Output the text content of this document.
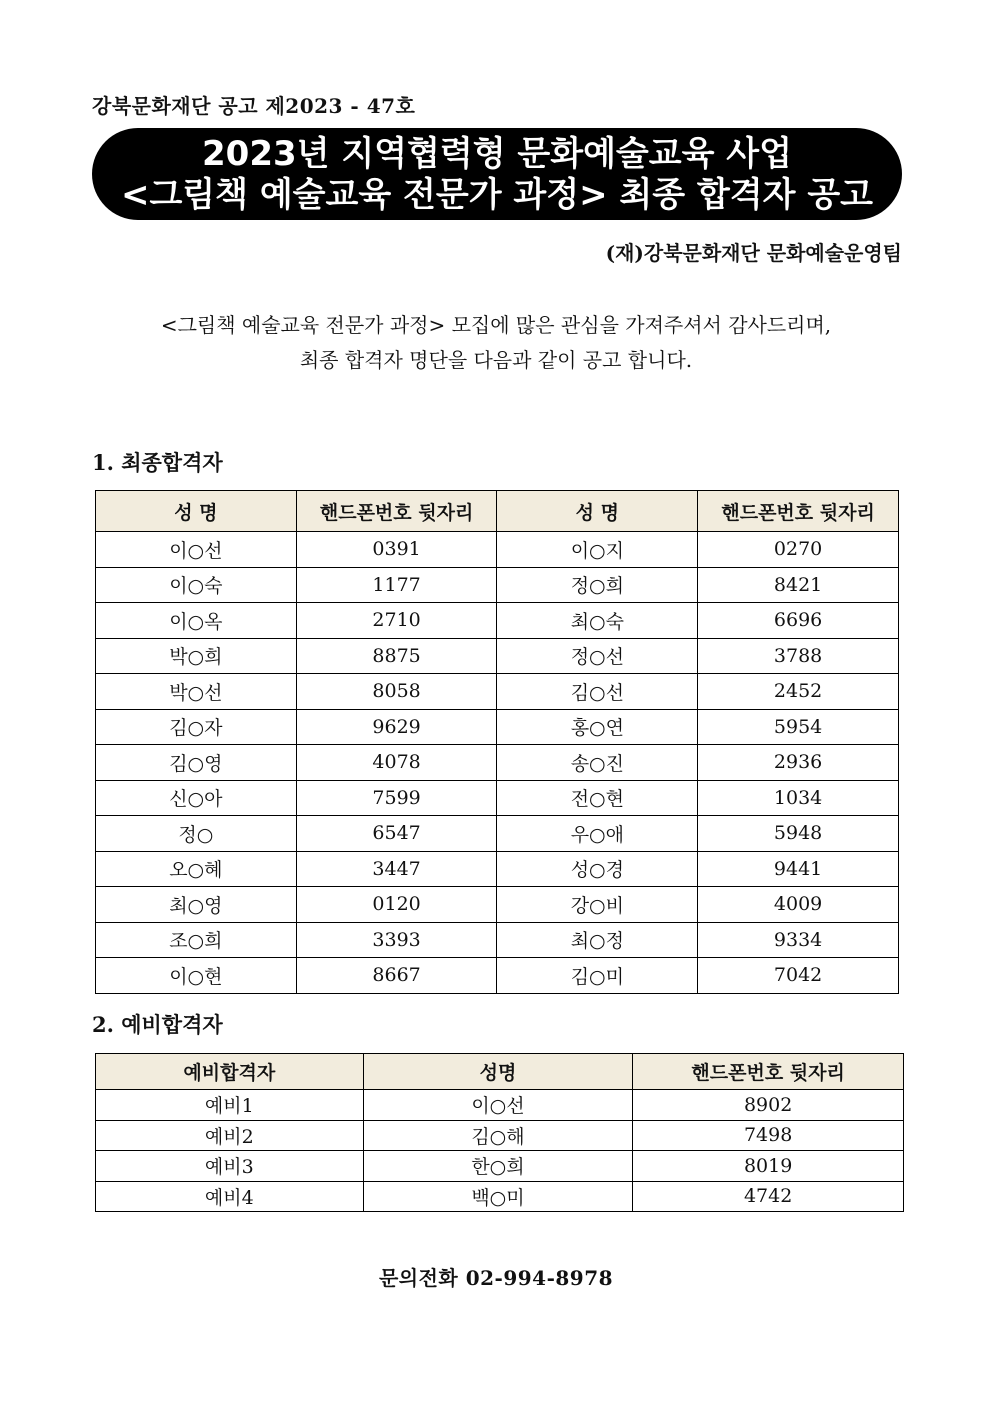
강북문화재단 공고 제2023 - 47호
2023년 지역협력형 문화예술교육 사업
<그림책 예술교육 전문가 과정> 최종 합격자 공고
(재)강북문화재단 문화예술운영팀
<그림책 예술교육 전문가 과정> 모집에 많은 관심을 가져주셔서 감사드리며,
최종 합격자 명단을 다음과 같이 공고 합니다.
1. 최종합격자
성 명	핸드폰번호 뒷자리	성 명	핸드폰번호 뒷자리
이○선	0391	이○지	0270
이○숙	1177	정○희	8421
이○옥	2710	최○숙	6696
박○희	8875	정○선	3788
박○선	8058	김○선	2452
김○자	9629	홍○연	5954
김○영	4078	송○진	2936
신○아	7599	전○현	1034
정○	6547	우○애	5948
오○혜	3447	성○경	9441
최○영	0120	강○비	4009
조○희	3393	최○정	9334
이○현	8667	김○미	7042
2. 예비합격자
예비합격자	성명	핸드폰번호 뒷자리
예비1	이○선	8902
예비2	김○해	7498
예비3	한○희	8019
예비4	백○미	4742
문의전화 02-994-8978
